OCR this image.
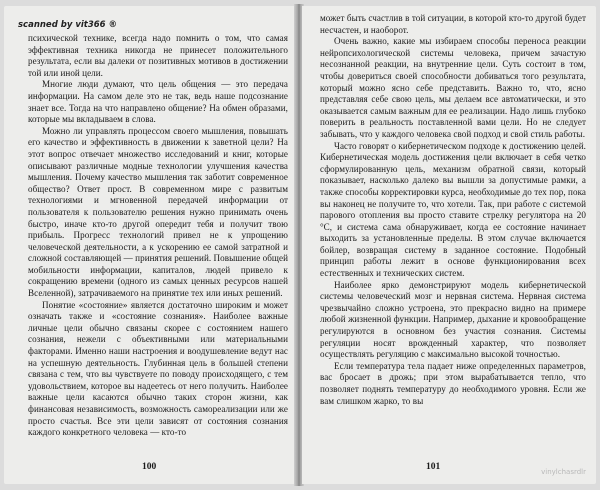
scanned by vit366 ®

психической технике, всегда надо помнить о том, что самая эффективная техника никогда не принесет положительного результата, если вы далеки от позитивных мотивов в достижении той или иной цели.

Многие люди думают, что цель общения — это передача информации. На самом деле это не так, ведь наше подсознание знает все. Тогда на что направлено общение? На обмен образами, которые мы вкладываем в слова.

Можно ли управлять процессом своего мышления, повышать его качество и эффективность в движении к заветной цели? На этот вопрос отвечает множество исследований и книг, которые описывают различные модные технологии улучшения качества мышления. Почему качество мышления так заботит современное общество? Ответ прост. В современном мире с развитым технологиями и мгновенной передачей информации от пользователя к пользователю решения нужно принимать очень быстро, иначе кто-то другой опередит тебя и получит твою прибыль. Прогресс технологий привел не к упрощению человеческой деятельности, а к ускорению ее самой затратной и сложной составляющей — принятия решений. Повышение общей мобильности информации, капиталов, людей привело к сокращению времени (одного из самых ценных ресурсов нашей Вселенной), затрачиваемого на принятие тех или иных решений.

Понятие «состояние» является достаточно широким и может означать также и «состояние сознания». Наиболее важные личные цели обычно связаны скорее с состоянием нашего сознания, нежели с объективными или материальными факторами. Именно наши настроения и воодушевление ведут нас на успешную деятельность. Глубинная цель в большей степени связана с тем, что вы чувствуете по поводу происходящего, с тем удовольствием, которое вы надеетесь от него получить. Наиболее важные цели касаются обычно таких сторон жизни, как финансовая независимость, возможность самореализации или же просто счастья. Все эти цели зависят от состояния сознания каждого конкретного человека — кто-то

100

может быть счастлив в той ситуации, в которой кто-то другой будет несчастен, и наоборот.

Очень важно, какие мы избираем способы переноса реакции нейропсихологической системы человека, причем зачастую несознанной реакции, на внутренние цели. Суть состоит в том, чтобы довериться своей способности добиваться того результата, который можно ясно себе представить. Важно то, что, ясно представляя себе свою цель, мы делаем все автоматически, и это оказывается самым важным для ее реализации. Надо лишь глубоко поверить в реальность поставленной вами цели. Но не следует забывать, что у каждого человека свой подход и свой стиль работы.

Часто говорят о кибернетическом подходе к достижению целей. Кибернетическая модель достижения цели включает в себя четко сформулированную цель, механизм обратной связи, который показывает, насколько далеко вы вышли за допустимые рамки, а также способы корректировки курса, необходимые до тех пор, пока вы наконец не получите то, что хотели. Так, при работе с системой парового отопления вы просто ставите стрелку регулятора на 20 °С, и система сама обнаруживает, когда ее состояние начинает выходить за установленные пределы. В этом случае включается бойлер, возвращая систему в заданное состояние. Подобный принцип работы лежит в основе функционирования всех естественных и технических систем.

Наиболее ярко демонстрируют модель кибернетической системы человеческий мозг и нервная система. Нервная система чрезвычайно сложно устроена, это прекрасно видно на примере любой жизненной функции. Например, дыхание и кровообращение регулируются в основном без участия сознания. Системы регуляции носят врожденный характер, что позволяет осуществлять регуляцию с максимально высокой точностью.

Если температура тела падает ниже определенных параметров, вас бросает в дрожь; при этом вырабатывается тепло, что позволяет поднять температуру до необходимого уровня. Если же вам слишком жарко, то вы

101	vinylchasrdlr
